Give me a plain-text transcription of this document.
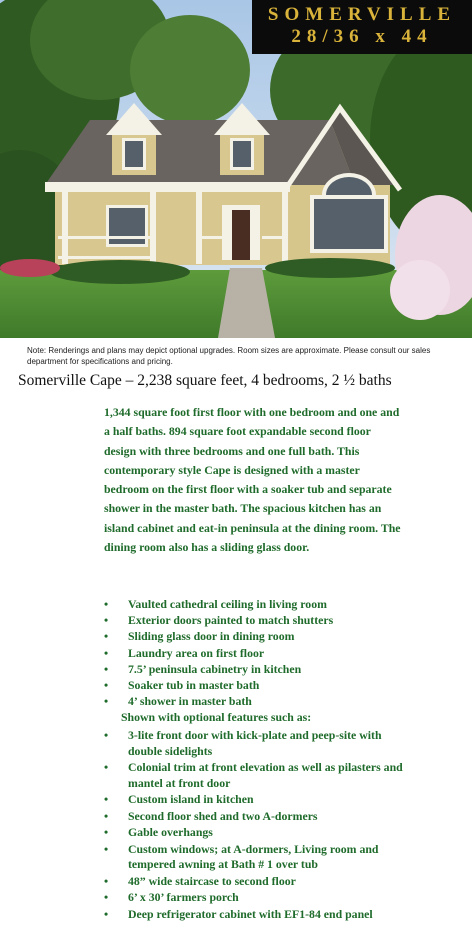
SOMERVILLE
28/36 x 44
Note: Renderings and plans may depict optional upgrades. Room sizes are approximate. Please consult our sales department for specifications and pricing.
Somerville Cape – 2,238 square feet, 4 bedrooms, 2 ½ baths
1,344 square foot first floor with one bedroom and one and a half baths. 894 square foot expandable second floor design with three bedrooms and one full bath. This contemporary style Cape is designed with a master bedroom on the first floor with a soaker tub and separate shower in the master bath. The spacious kitchen has an island cabinet and eat-in peninsula at the dining room. The dining room also has a sliding glass door.
• Vaulted cathedral ceiling in living room
• Exterior doors painted to match shutters
• Sliding glass door in dining room
• Laundry area on first floor
• 7.5’ peninsula cabinetry in kitchen
• Soaker tub in master bath
• 4’ shower in master bath
Shown with optional features such as:
• 3-lite front door with kick-plate and peep-site with double sidelights
• Colonial trim at front elevation as well as pilasters and mantel at front door
• Custom island in kitchen
• Second floor shed and two A-dormers
• Gable overhangs
• Custom windows; at A-dormers, Living room and tempered awning at Bath # 1 over tub
• 48” wide staircase to second floor
• 6’ x 30’ farmers porch
• Deep refrigerator cabinet with EF1-84 end panel
